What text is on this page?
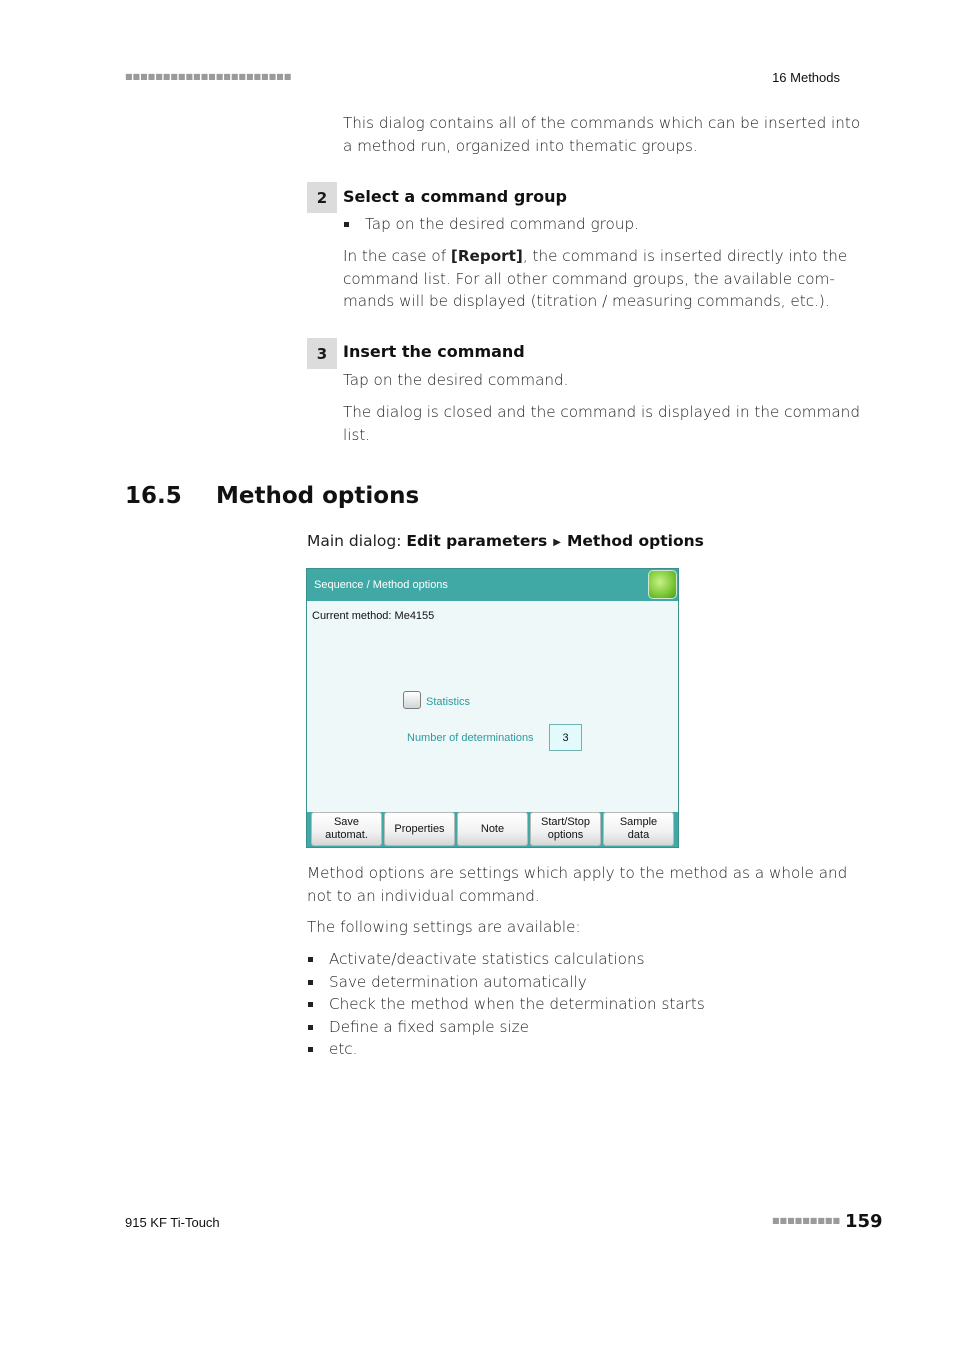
■■■■■■■■■■■■■■■■■■■■■■	16 Methods
This dialog contains all of the commands which can be inserted into
a method run, organized into thematic groups.
2 Select a command group
Tap on the desired command group.
In the case of [Report], the command is inserted directly into the
command list. For all other command groups, the available com-
mands will be displayed (titration / measuring commands, etc.).
3 Insert the command
Tap on the desired command.
The dialog is closed and the command is displayed in the command
list.
16.5 Method options
Main dialog: Edit parameters ▶ Method options
Sequence / Method options
Current method: Me4155
Statistics
Number of determinations	3
Save
automat.
Properties	Note
Start/Stop
options
Sample
data
Method options are settings which apply to the method as a whole and
not to an individual command.
The following settings are available:
Activate/deactivate statistics calculations
Save determination automatically
Check the method when the determination starts
Define a fixed sample size
etc.
915 KF Ti-Touch	■■■■■■■■■ 159
